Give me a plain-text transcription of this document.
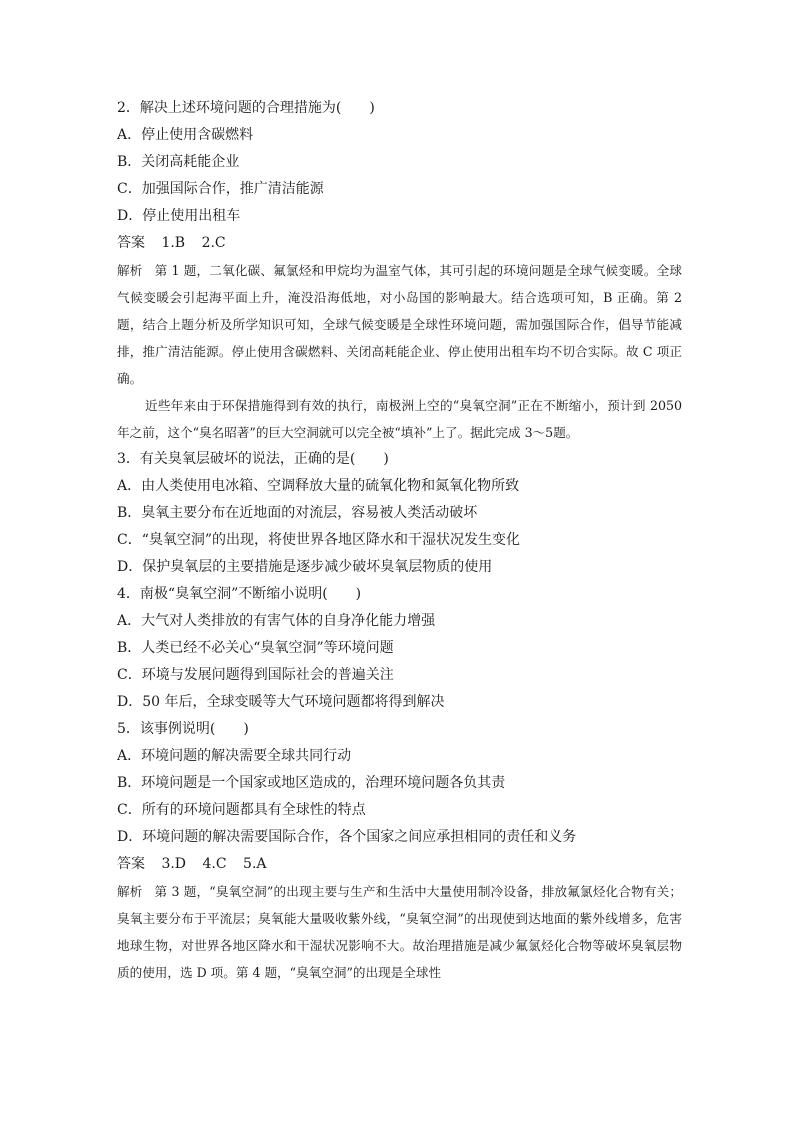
2．解决上述环境问题的合理措施为(　　)
A．停止使用含碳燃料
B．关闭高耗能企业
C．加强国际合作，推广清洁能源
D．停止使用出租车
答案 1.B 2.C
解析 第 1 题，二氧化碳、氟氯烃和甲烷均为温室气体，其可引起的环境问题是全球气候变暖。全球气候变暖会引起海平面上升，淹没沿海低地，对小岛国的影响最大。结合选项可知，B 正确。第 2 题，结合上题分析及所学知识可知，全球气候变暖是全球性环境问题，需加强国际合作，倡导节能减排，推广清洁能源。停止使用含碳燃料、关闭高耗能企业、停止使用出租车均不切合实际。故 C 项正确。
近些年来由于环保措施得到有效的执行，南极洲上空的“臭氧空洞”正在不断缩小，预计到 2050 年之前，这个“臭名昭著”的巨大空洞就可以完全被“填补”上了。据此完成 3～5题。
3．有关臭氧层破坏的说法，正确的是(　　)
A．由人类使用电冰箱、空调释放大量的硫氧化物和氮氧化物所致
B．臭氧主要分布在近地面的对流层，容易被人类活动破坏
C．“臭氧空洞”的出现，将使世界各地区降水和干湿状况发生变化
D．保护臭氧层的主要措施是逐步减少破坏臭氧层物质的使用
4．南极“臭氧空洞”不断缩小说明(　　)
A．大气对人类排放的有害气体的自身净化能力增强
B．人类已经不必关心“臭氧空洞”等环境问题
C．环境与发展问题得到国际社会的普遍关注
D．50 年后，全球变暖等大气环境问题都将得到解决
5．该事例说明(　　)
A．环境问题的解决需要全球共同行动
B．环境问题是一个国家或地区造成的，治理环境问题各负其责
C．所有的环境问题都具有全球性的特点
D．环境问题的解决需要国际合作，各个国家之间应承担相同的责任和义务
答案 3.D 4.C 5.A
解析 第 3 题，“臭氧空洞”的出现主要与生产和生活中大量使用制冷设备，排放氟氯烃化合物有关；臭氧主要分布于平流层；臭氧能大量吸收紫外线，“臭氧空洞”的出现使到达地面的紫外线增多，危害地球生物，对世界各地区降水和干湿状况影响不大。故治理措施是减少氟氯烃化合物等破坏臭氧层物质的使用，选 D 项。第 4 题，“臭氧空洞”的出现是全球性
